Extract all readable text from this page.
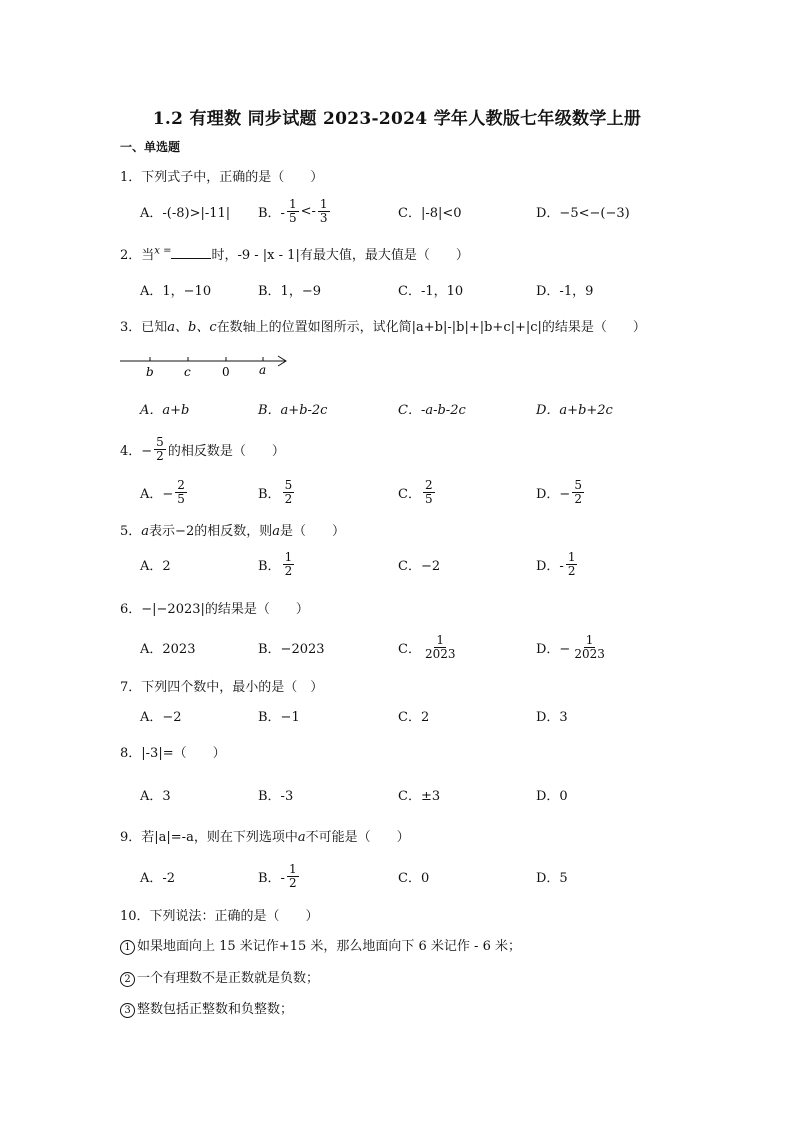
1.2 有理数 同步试题 2023-2024 学年人教版七年级数学上册
一、单选题
1．下列式子中，正确的是（　　）
A．-(-8)>|-11| B．- $\frac{1}{5} <- \frac{1}{3}$	C．|-8|<0	D．−5<−(−3)
2．当$^{x =}$	时，-9 - |x - 1|有最大值，最大值是（　　）
A．1，−10	B．1，−9	C．-1，10	D．-1，9
3．已知a、b、c在数轴上的位置如图所示，试化简|a+b|-|b|+|b+c|+|c|的结果是（　　）
b	c	0 a
A．a+b	B．a+b-2c	C．-a-b-2c	D．a+b+2c
4．− $\frac{5}{2}$ 的相反数是（　　）
A．− $\frac{2}{5}$	B． $\frac{5}{2}$	C． $\frac{2}{5}$	D．− $\frac{5}{2}$
5．a表示−2的相反数，则a是（　　）
A．2	B． $\frac{1}{2}$	C．−2	D．- $\frac{1}{2}$
6．−|−2023|的结果是（　　）
A．2023	B．−2023	C． $\frac{1}{2023}$	D．− $\frac{1}{2023}$
7．下列四个数中，最小的是（　）
A．−2	B．−1	C．2	D．3
8．|-3|=（　　）
A．3	B．-3	C．±3	D．0
9．若|a|=-a，则在下列选项中a不可能是（　　）
A．-2	B．- $\frac{1}{2}$	C．0	D．5
10．下列说法：正确的是（　　）
1 如果地面向上 15 米记作+15 米，那么地面向下 6 米记作 - 6 米；
2 一个有理数不是正数就是负数；
3 整数包括正整数和负整数；
